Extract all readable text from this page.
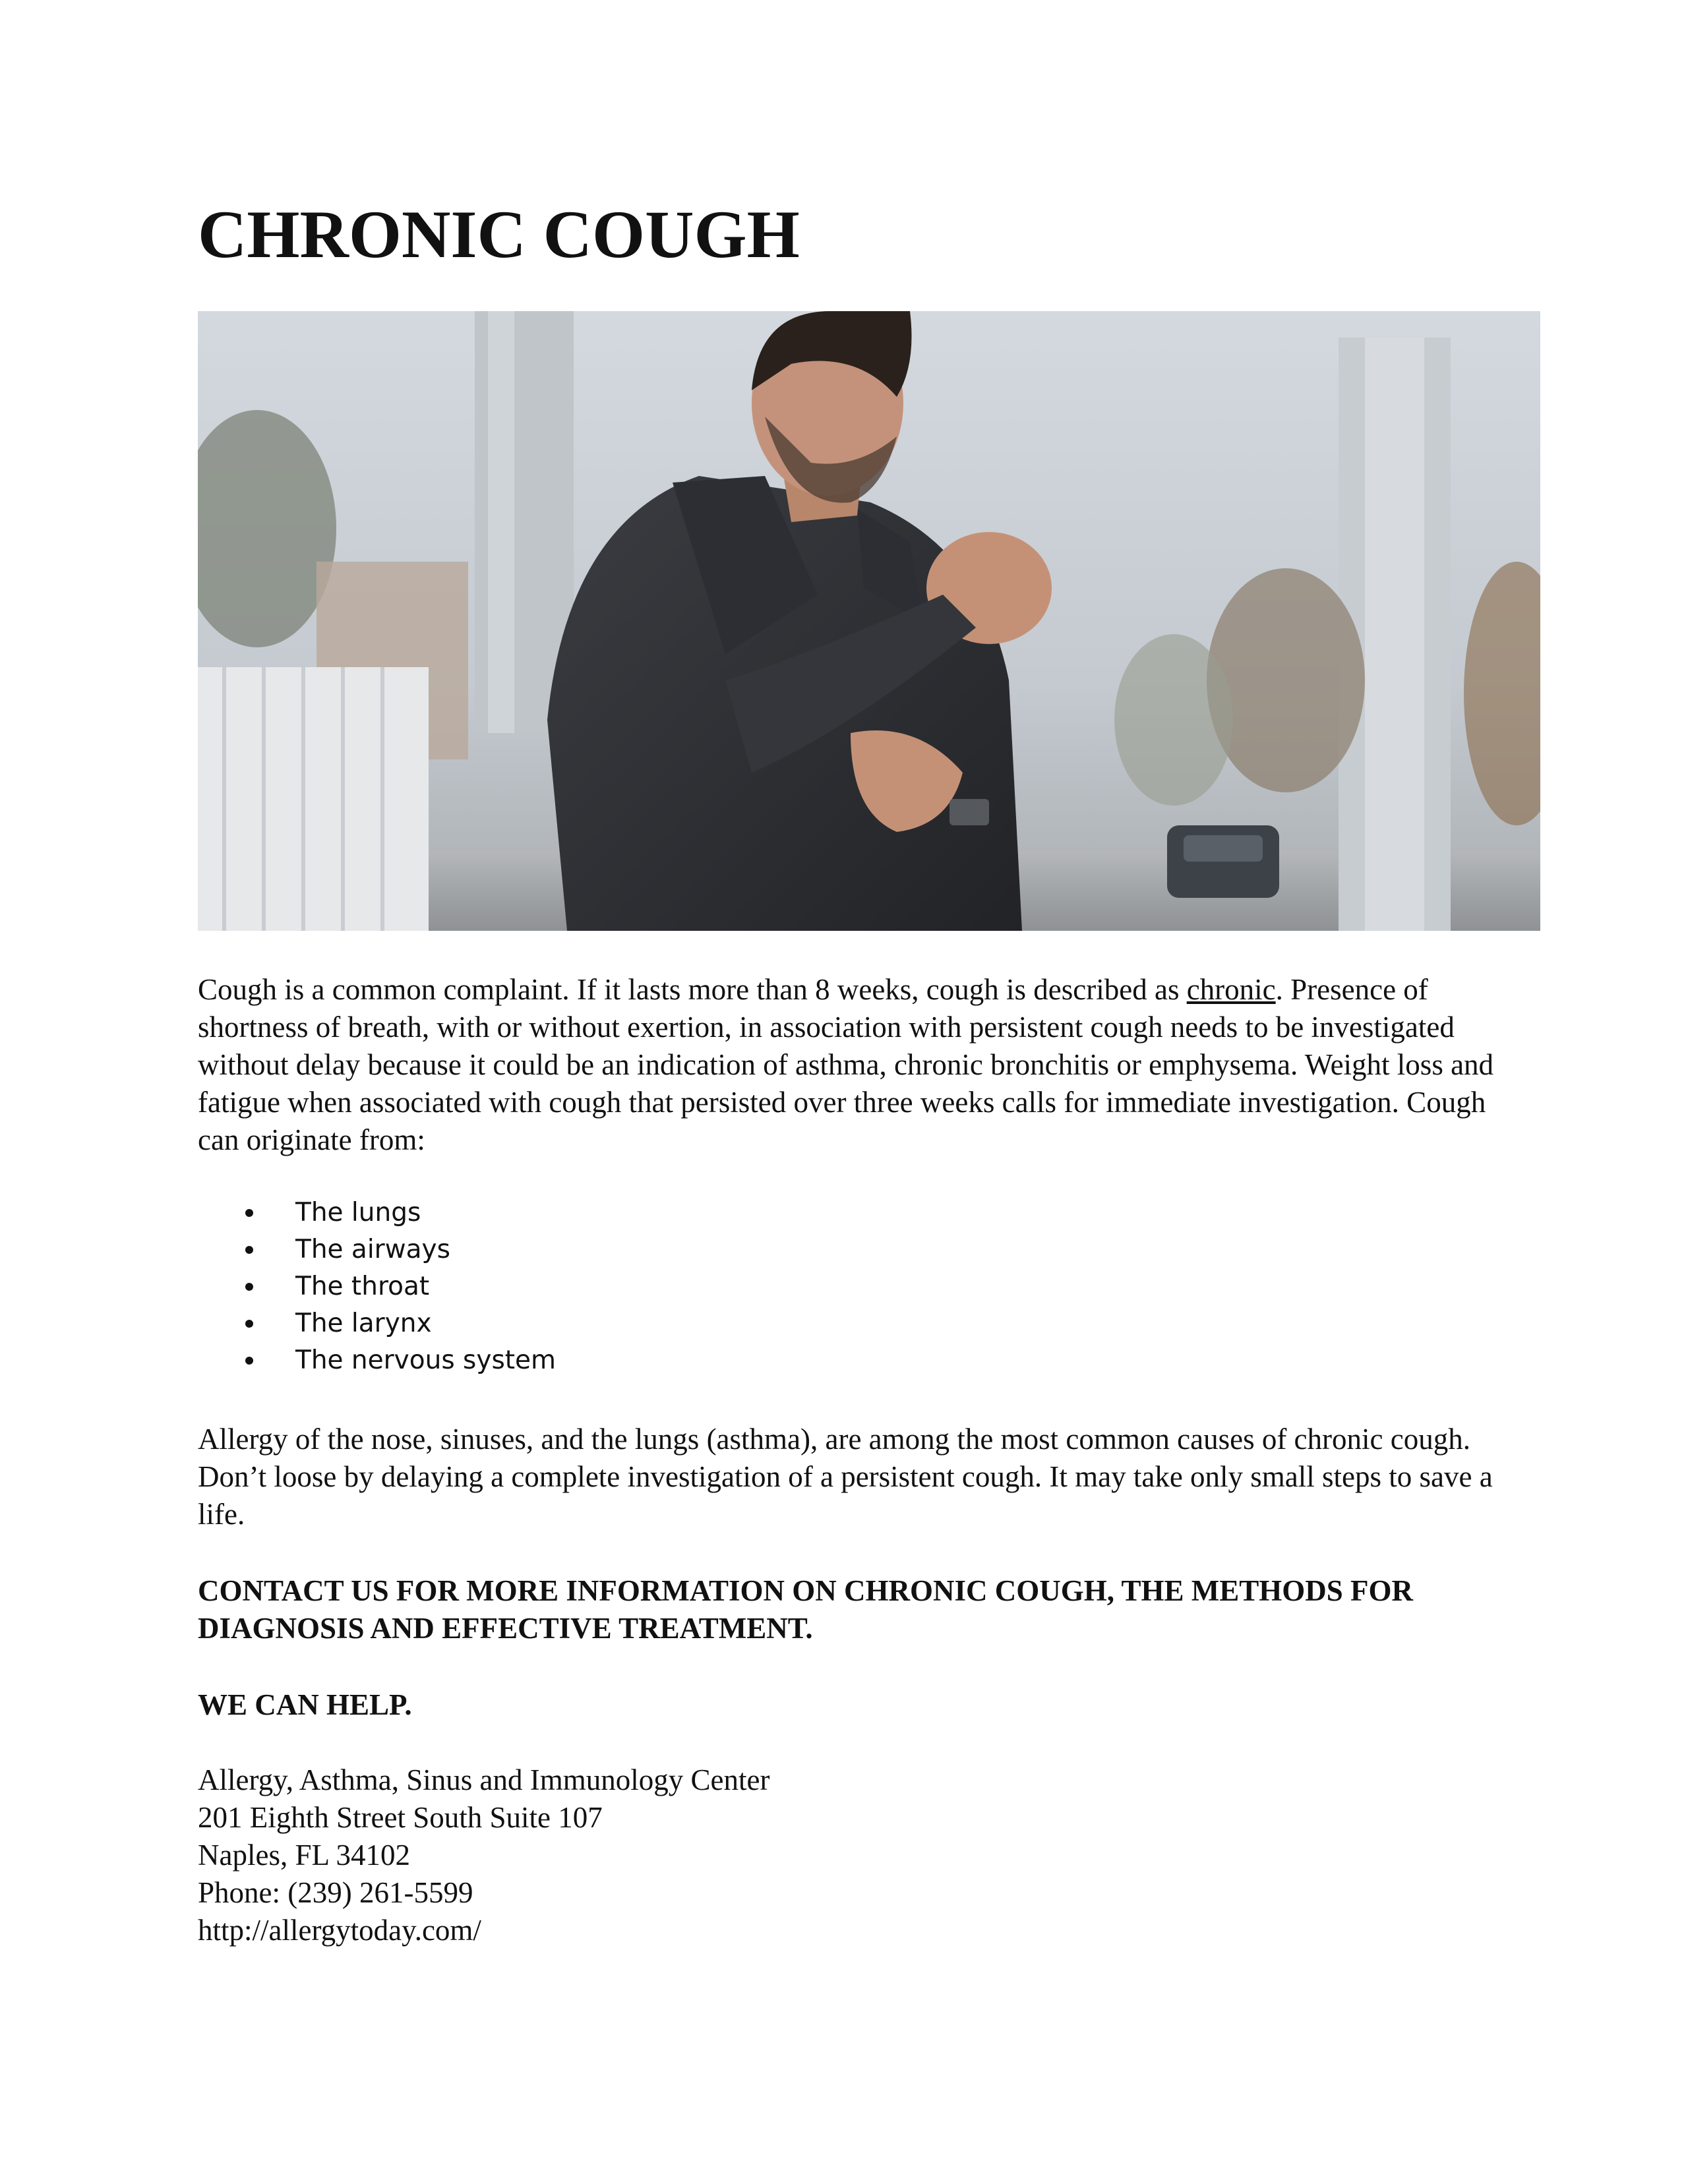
CHRONIC COUGH

Cough is a common complaint. If it lasts more than 8 weeks, cough is described as chronic. Presence of shortness of breath, with or without exertion, in association with persistent cough needs to be investigated without delay because it could be an indication of asthma, chronic bronchitis or emphysema. Weight loss and fatigue when associated with cough that persisted over three weeks calls for immediate investigation. Cough can originate from:

The lungs
The airways
The throat
The larynx
The nervous system

Allergy of the nose, sinuses, and the lungs (asthma), are among the most common causes of chronic cough. Don’t loose by delaying a complete investigation of a persistent cough. It may take only small steps to save a life.

CONTACT US FOR MORE INFORMATION ON CHRONIC COUGH, THE METHODS FOR DIAGNOSIS AND EFFECTIVE TREATMENT.

WE CAN HELP.

Allergy, Asthma, Sinus and Immunology Center
201 Eighth Street South Suite 107
Naples, FL 34102
Phone: (239) 261-5599
http://allergytoday.com/
